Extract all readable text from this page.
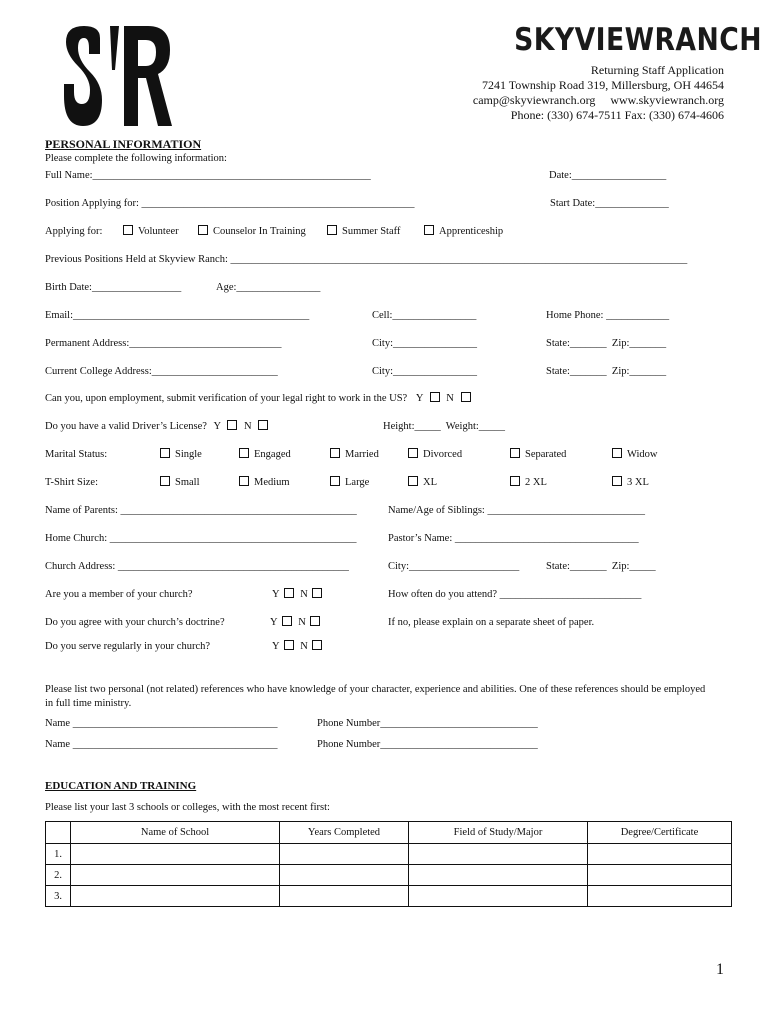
SKYVIEWRANCH
Returning Staff Application
7241 Township Road 319, Millersburg, OH 44654
camp@skyviewranch.org     www.skyviewranch.org
Phone: (330) 674-7511 Fax: (330) 674-4606
PERSONAL INFORMATION
Please complete the following information:
Full Name:_____________________________________________________	Date:__________________
Position Applying for: ____________________________________________________	Start Date:______________
Applying for:	Volunteer	Counselor In Training	Summer Staff	Apprenticeship
Previous Positions Held at Skyview Ranch: _______________________________________________________________________________________
Birth Date:_________________	Age:________________
Email:_____________________________________________	Cell:________________	Home Phone: ____________
Permanent Address:_____________________________	City:________________	State:_______  Zip:_______
Current College Address:________________________	City:________________	State:_______  Zip:_______
Can you, upon employment, submit verification of your legal right to work in the US? Y N
Do you have a valid Driver’s License? Y N	Height:_____  Weight:_____
Marital Status:	Single	Engaged	Married	Divorced	Separated	Widow
T-Shirt Size:	Small	Medium	Large	XL	2 XL	3 XL
Name of Parents: _____________________________________________	Name/Age of Siblings: ______________________________
Home Church: _______________________________________________	Pastor’s Name: ___________________________________
Church Address: ____________________________________________	City:_____________________	State:_______  Zip:_____
Are you a member of your church?	Y N	How often do you attend? ___________________________
Do you agree with your church’s doctrine?	Y N	If no, please explain on a separate sheet of paper.
Do you serve regularly in your church?	Y N
Please list two personal (not related) references who have knowledge of your character, experience and abilities. One of these references should be employed in full time ministry.
Name _______________________________________	Phone Number______________________________
Name _______________________________________	Phone Number______________________________
EDUCATION AND TRAINING
Please list your last 3 schools or colleges, with the most recent first:
	Name of School	Years Completed	Field of Study/Major	Degree/Certificate
1.				
2.				
3.				
1
